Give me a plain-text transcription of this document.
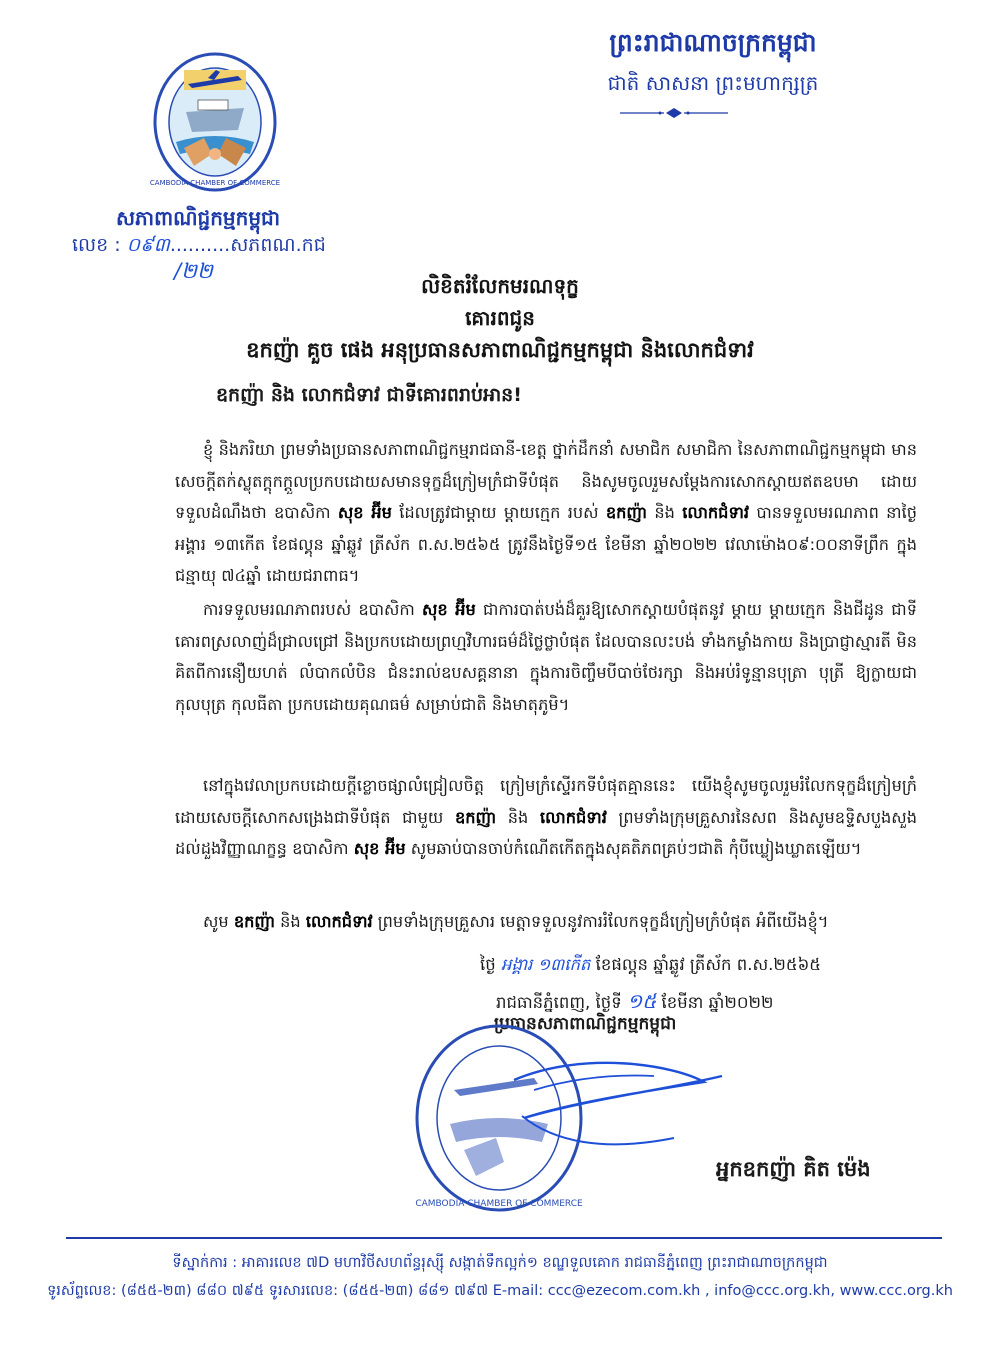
CAMBODIA CHAMBER OF COMMERCE
សភាពាណិជ្ជកម្មកម្ពុជា
លេខ : ០៩៣..........សភពណ.កជ
/២២
ព្រះរាជាណាចក្រកម្ពុជា
ជាតិ សាសនា ព្រះមហាក្សត្រ
លិខិតរំលែកមរណទុក្ខ
គោរពជូន
ឧកញ៉ា គួច ផេង អនុប្រធានសភាពាណិជ្ជកម្មកម្ពុជា និងលោកជំទាវ
ឧកញ៉ា និង លោកជំទាវ ជាទីគោរពរាប់អាន!
ខ្ញុំ និងភរិយា ព្រមទាំងប្រធានសភាពាណិជ្ជកម្មរាជធានី-ខេត្ត ថ្នាក់ដឹកនាំ សមាជិក សមាជិកា នៃសភាពាណិជ្ជកម្មកម្ពុជា មានសេចក្តីតក់ស្លុតក្តុកក្តួលប្រកបដោយសមានទុក្ខដ៏ក្រៀមក្រំជាទីបំផុត និងសូមចូលរួមសម្តែងការសោកស្តាយឥតឧបមា ដោយទទួលដំណឹងថា ឧបាសិកា សុខ អ៊ីម ដែលត្រូវជាម្តាយ ម្តាយក្មេក របស់ ឧកញ៉ា និង លោកជំទាវ បានទទួលមរណភាព នាថ្ងៃអង្គារ ១៣កើត ខែផល្គុន ឆ្នាំឆ្លូវ ត្រីស័ក ព.ស.២៥៦៥ ត្រូវនឹងថ្ងៃទី១៥ ខែមីនា ឆ្នាំ២០២២ វេលាម៉ោង០៩:០០នាទីព្រឹក ក្នុងជន្មាយុ ៧៤ឆ្នាំ ដោយជរាពាធ។
ការទទួលមរណភាពរបស់ ឧបាសិកា សុខ អ៊ីម ជាការបាត់បង់ដ៏គួរឱ្យសោកស្តាយបំផុតនូវ ម្តាយ ម្តាយក្មេក និងជីដូន ជាទីគោរពស្រលាញ់ដ៏ជ្រាលជ្រៅ និងប្រកបដោយព្រហ្មវិហារធម៌ដ៏ថ្លៃថ្លាបំផុត ដែលបានលះបង់ ទាំងកម្លាំងកាយ និងប្រាជ្ញាស្មារតី មិនគិតពីការនឿយហត់ លំបាកលំបិន ជំនះរាល់ឧបសគ្គនានា ក្នុងការចិញ្ចឹមបីបាច់ថែរក្សា និងអប់រំទូន្មានបុត្រា បុត្រី ឱ្យក្លាយជាកុលបុត្រ កុលធីតា ប្រកបដោយគុណធម៌ សម្រាប់ជាតិ និងមាតុភូមិ។
នៅក្នុងវេលាប្រកបដោយក្តីខ្លោចផ្សាលំជ្រៀលចិត្ត ក្រៀមក្រំស្ទើរកទីបំផុតគ្មាននេះ យើងខ្ញុំសូមចូលរួមរំលែកទុក្ខដ៏ក្រៀមក្រំ ដោយសេចក្តីសោកសង្រេងជាទីបំផុត ជាមួយ ឧកញ៉ា និង លោកជំទាវ ព្រមទាំងក្រុមគ្រួសារនៃសព និងសូមឧទ្ទិសបួងសួង ដល់ដួងវិញ្ញាណក្ខន្ធ ឧបាសិកា សុខ អ៊ីម សូមឆាប់បានចាប់កំណើតកើតក្នុងសុគតិភពគ្រប់ៗជាតិ កុំបីឃ្លៀងឃ្លាតឡើយ។
សូម ឧកញ៉ា និង លោកជំទាវ ព្រមទាំងក្រុមគ្រួសារ មេត្តាទទួលនូវការរំលែកទុក្ខដ៏ក្រៀមក្រំបំផុត អំពីយើងខ្ញុំ។
ថ្ងៃ អង្គារ ១៣កើត ខែផល្គុន ឆ្នាំឆ្លូវ ត្រីស័ក ព.ស.២៥៦៥
រាជធានីភ្នំពេញ, ថ្ងៃទី ១៥ ខែមីនា ឆ្នាំ២០២២
ប្រធានសភាពាណិជ្ជកម្មកម្ពុជា
CAMBODIA CHAMBER OF COMMERCE
អ្នកឧកញ៉ា គិត ម៉េង
ទីស្នាក់ការ : អាគារលេខ ៧D មហាវិថីសហព័ន្ធរុស្ស៊ី សង្កាត់ទឹកល្អក់១ ខណ្ឌទួលគោក រាជធានីភ្នំពេញ ព្រះរាជាណាចក្រកម្ពុជា
ទូរស័ព្ទលេខ: (៨៥៥-២៣) ៨៨០ ៧៩៥ ទូរសារលេខ: (៨៥៥-២៣) ៨៨១ ៧៩៧ E-mail: ccc@ezecom.com.kh , info@ccc.org.kh, www.ccc.org.kh
